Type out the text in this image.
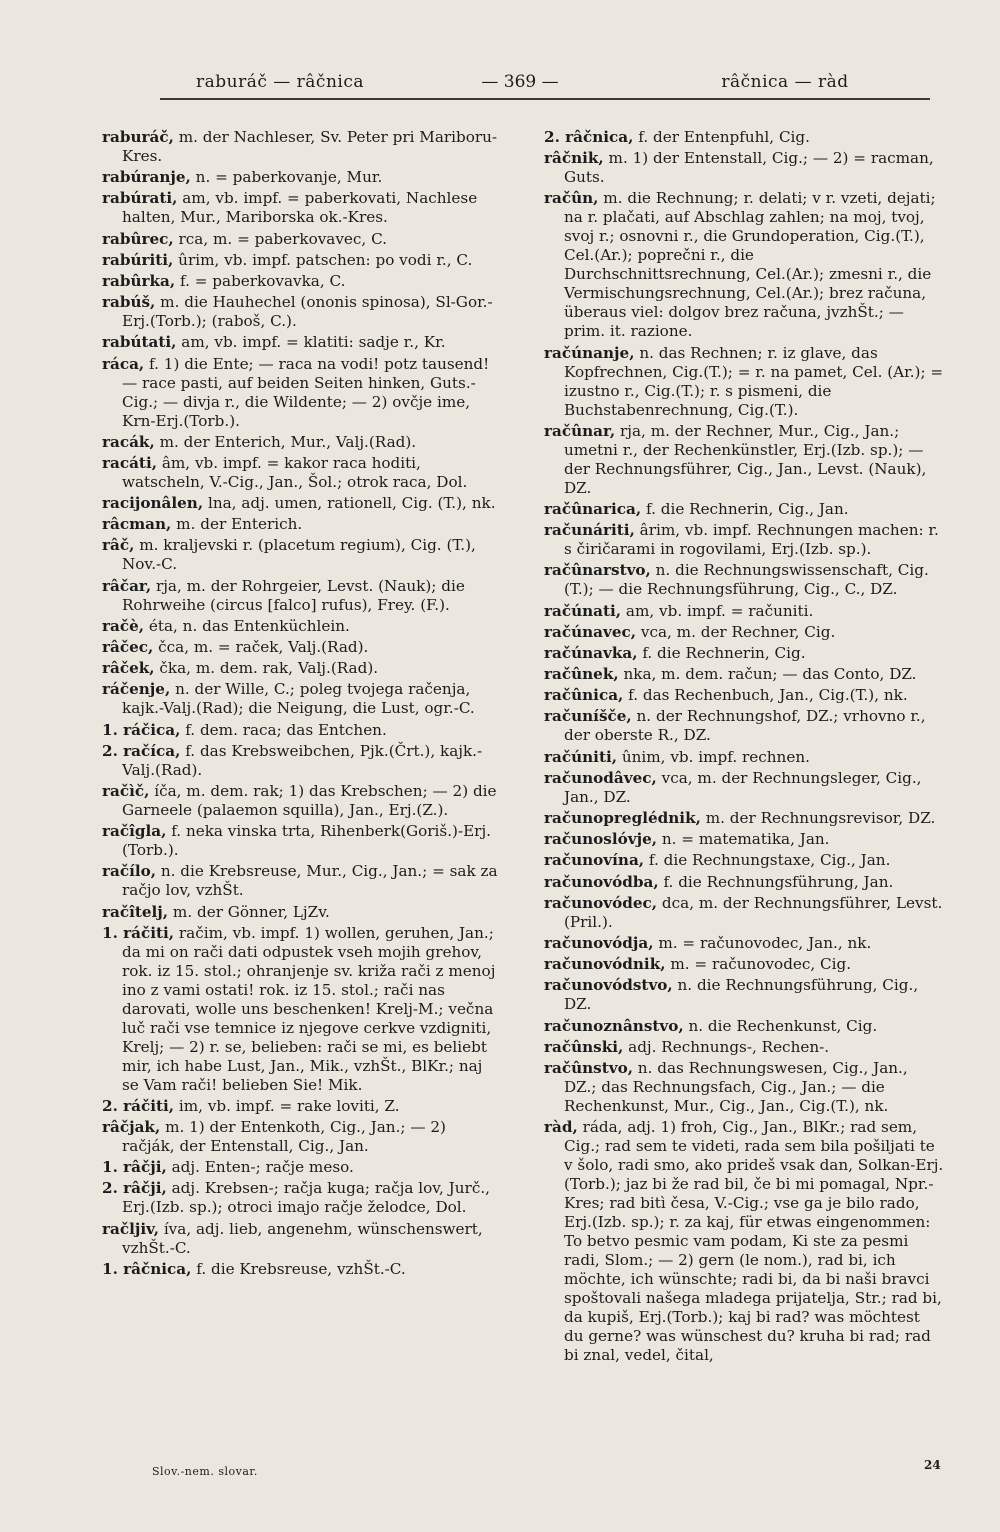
raburáč — râčnica	— 369 —	râčnica — ràd

raburáč, m. der Nachleser, Sv. Peter pri Mariboru-Kres.

rabúranje, n. = paberkovanje, Mur.

rabúrati, am, vb. impf. = paberkovati, Nachlese halten, Mur., Mariborska ok.-Kres.

rabûrec, rca, m. = paberkovavec, C.

rabúriti, ûrim, vb. impf. patschen: po vodi r., C.

rabûrka, f. = paberkovavka, C.

rabúš, m. die Hauhechel (ononis spinosa), Sl-Gor.-Erj.(Torb.); (raboš, C.).

rabútati, am, vb. impf. = klatiti: sadje r., Kr.

ráca, f. 1) die Ente; — raca na vodi! potz tausend! — race pasti, auf beiden Seiten hinken, Guts.-Cig.; — divja r., die Wildente; — 2) ovčje ime, Krn-Erj.(Torb.).

racák, m. der Enterich, Mur., Valj.(Rad).

racáti, âm, vb. impf. = kakor raca hoditi, watscheln, V.-Cig., Jan., Šol.; otrok raca, Dol.

racijonâlen, lna, adj. umen, rationell, Cig. (T.), nk.

râcman, m. der Enterich.

râč, m. kraljevski r. (placetum regium), Cig. (T.), Nov.-C.

râčar, rja, m. der Rohrgeier, Levst. (Nauk); die Rohrweihe (circus [falco] rufus), Frey. (F.).

račè, éta, n. das Entenküchlein.

râčec, čca, m. = raček, Valj.(Rad).

râček, čka, m. dem. rak, Valj.(Rad).

ráčenje, n. der Wille, C.; poleg tvojega račenja, kajk.-Valj.(Rad); die Neigung, die Lust, ogr.-C.

1. ráčica, f. dem. raca; das Entchen.

2. račíca, f. das Krebsweibchen, Pjk.(Črt.), kajk.-Valj.(Rad).

račìč, íča, m. dem. rak; 1) das Krebschen; — 2) die Garneele (palaemon squilla), Jan., Erj.(Z.).

račîgla, f. neka vinska trta, Rihenberk(Goriš.)-Erj.(Torb.).

račílo, n. die Krebsreuse, Mur., Cig., Jan.; = sak za račjo lov, vzhŠt.

račîtelj, m. der Gönner, LjZv.

1. ráčiti, račim, vb. impf. 1) wollen, geruhen, Jan.; da mi on rači dati odpustek vseh mojih grehov, rok. iz 15. stol.; ohranjenje sv. križa rači z menoj ino z vami ostati! rok. iz 15. stol.; rači nas darovati, wolle uns beschenken! Krelj-M.; večna luč rači vse temnice iz njegove cerkve vzdigniti, Krelj; — 2) r. se, belieben: rači se mi, es beliebt mir, ich habe Lust, Jan., Mik., vzhŠt., BlKr.; naj se Vam rači! belieben Sie! Mik.

2. ráčiti, im, vb. impf. = rake loviti, Z.

râčjak, m. 1) der Entenkoth, Cig., Jan.; — 2) račják, der Entenstall, Cig., Jan.

1. râčji, adj. Enten-; račje meso.

2. râčji, adj. Krebsen-; račja kuga; račja lov, Jurč., Erj.(Izb. sp.); otroci imajo račje želodce, Dol.

račljiv, íva, adj. lieb, angenehm, wünschenswert, vzhŠt.-C.

1. râčnica, f. die Krebsreuse, vzhŠt.-C.

2. râčnica, f. der Entenpfuhl, Cig.

râčnik, m. 1) der Entenstall, Cig.; — 2) = racman, Guts.

račûn, m. die Rechnung; r. delati; v r. vzeti, dejati; na r. plačati, auf Abschlag zahlen; na moj, tvoj, svoj r.; osnovni r., die Grundoperation, Cig.(T.), Cel.(Ar.); poprečni r., die Durchschnittsrechnung, Cel.(Ar.); zmesni r., die Vermischungsrechnung, Cel.(Ar.); brez računa, überaus viel: dolgov brez računa, jvzhŠt.; — prim. it. razione.

račúnanje, n. das Rechnen; r. iz glave, das Kopfrechnen, Cig.(T.); = r. na pamet, Cel. (Ar.); = izustno r., Cig.(T.); r. s pismeni, die Buchstabenrechnung, Cig.(T.).

račûnar, rja, m. der Rechner, Mur., Cig., Jan.; umetni r., der Rechenkünstler, Erj.(Izb. sp.); — der Rechnungsführer, Cig., Jan., Levst. (Nauk), DZ.

račûnarica, f. die Rechnerin, Cig., Jan.

računáriti, ârim, vb. impf. Rechnungen machen: r. s čiričarami in rogovilami, Erj.(Izb. sp.).

račûnarstvo, n. die Rechnungswissenschaft, Cig. (T.); — die Rechnungsführung, Cig., C., DZ.

račúnati, am, vb. impf. = računiti.

račúnavec, vca, m. der Rechner, Cig.

račúnavka, f. die Rechnerin, Cig.

račûnek, nka, m. dem. račun; — das Conto, DZ.

račûnica, f. das Rechenbuch, Jan., Cig.(T.), nk.

računíšče, n. der Rechnungshof, DZ.; vrhovno r., der oberste R., DZ.

račúniti, ûnim, vb. impf. rechnen.

računodâvec, vca, m. der Rechnungsleger, Cig., Jan., DZ.

računopreglédnik, m. der Rechnungsrevisor, DZ.

računoslóvje, n. = matematika, Jan.

računovína, f. die Rechnungstaxe, Cig., Jan.

računovódba, f. die Rechnungsführung, Jan.

računovódec, dca, m. der Rechnungsführer, Levst.(Pril.).

računovódja, m. = računovodec, Jan., nk.

računovódnik, m. = računovodec, Cig.

računovódstvo, n. die Rechnungsführung, Cig., DZ.

računoznânstvo, n. die Rechenkunst, Cig.

račûnski, adj. Rechnungs-, Rechen-.

račûnstvo, n. das Rechnungswesen, Cig., Jan., DZ.; das Rechnungsfach, Cig., Jan.; — die Rechenkunst, Mur., Cig., Jan., Cig.(T.), nk.

ràd, ráda, adj. 1) froh, Cig., Jan., BlKr.; rad sem, Cig.; rad sem te videti, rada sem bila pošiljati te v šolo, radi smo, ako prideš vsak dan, Solkan-Erj.(Torb.); jaz bi že rad bil, če bi mi pomagal, Npr.-Kres; rad bitì česa, V.-Cig.; vse ga je bilo rado, Erj.(Izb. sp.); r. za kaj, für etwas eingenommen: To betvo pesmic vam podam, Ki ste za pesmi radi, Slom.; — 2) gern (le nom.), rad bi, ich möchte, ich wünschte; radi bi, da bi naši bravci spoštovali našega mladega prijatelja, Str.; rad bi, da kupiš, Erj.(Torb.); kaj bi rad? was möchtest du gerne? was wünschest du? kruha bi rad; rad bi znal, vedel, čital,

Slov.-nem. slovar.	24
